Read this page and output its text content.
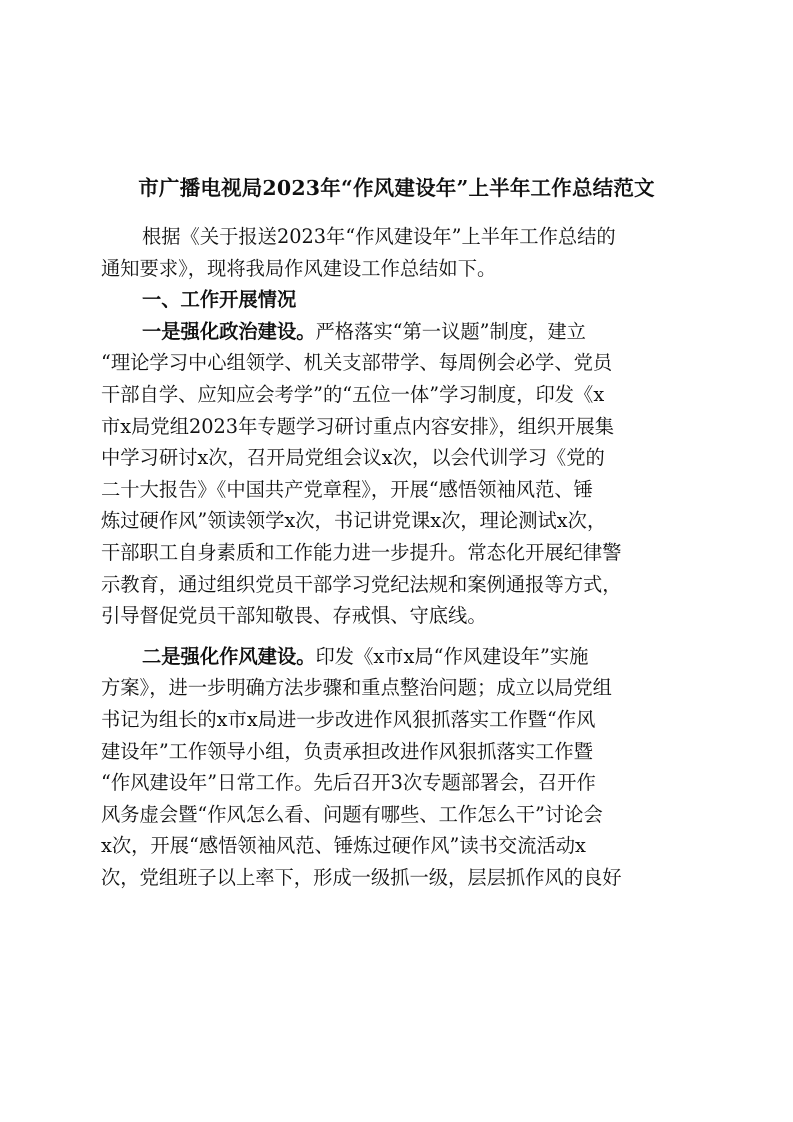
市广播电视局2023年“作风建设年”上半年工作总结范文
根据《关于报送2023年“作风建设年”上半年工作总结的
通知要求》，现将我局作风建设工作总结如下。
一、工作开展情况
一是强化政治建设。严格落实“第一议题”制度，建立
“理论学习中心组领学、机关支部带学、每周例会必学、党员
干部自学、应知应会考学”的“五位一体”学习制度，印发《x
市x局党组2023年专题学习研讨重点内容安排》，组织开展集
中学习研讨x次，召开局党组会议x次，以会代训学习《党的
二十大报告》《中国共产党章程》，开展“感悟领袖风范、锤
炼过硬作风”领读领学x次，书记讲党课x次，理论测试x次，
干部职工自身素质和工作能力进一步提升。常态化开展纪律警
示教育，通过组织党员干部学习党纪法规和案例通报等方式，
引导督促党员干部知敬畏、存戒惧、守底线。
二是强化作风建设。印发《x市x局“作风建设年”实施
方案》，进一步明确方法步骤和重点整治问题；成立以局党组
书记为组长的x市x局进一步改进作风狠抓落实工作暨“作风
建设年”工作领导小组，负责承担改进作风狠抓落实工作暨
“作风建设年”日常工作。先后召开3次专题部署会，召开作
风务虚会暨“作风怎么看、问题有哪些、工作怎么干”讨论会
x次，开展“感悟领袖风范、锤炼过硬作风”读书交流活动x
次，党组班子以上率下，形成一级抓一级，层层抓作风的良好
